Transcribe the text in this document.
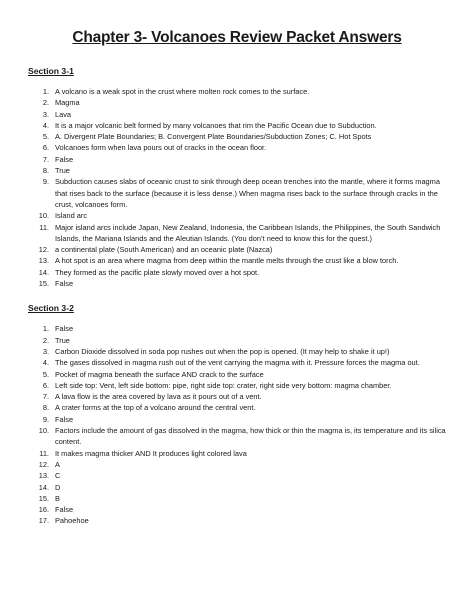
Chapter 3- Volcanoes Review Packet Answers
Section 3-1
1. A volcano is a weak spot in the crust where molten rock comes to the surface.
2. Magma
3. Lava
4. It is a major volcanic belt formed by many volcanoes that rim the Pacific Ocean due to Subduction.
5. A. Divergent Plate Boundaries; B. Convergent Plate Boundaries/Subduction Zones; C. Hot Spots
6. Volcanoes form when lava pours out of cracks in the ocean floor.
7. False
8. True
9. Subduction causes slabs of oceanic crust to sink through deep ocean trenches into the mantle, where it forms magma that rises back to the surface (because it is less dense.) When magma rises back to the surface through cracks in the crust, volcanoes form.
10. Island arc
11. Major island arcs include Japan, New Zealand, Indonesia, the Caribbean Islands, the Philippines, the South Sandwich Islands, the Mariana Islands and the Aleutian Islands. (You don’t need to know this for the quest.)
12. a continental plate (South American) and an oceanic plate (Nazca)
13. A hot spot is an area where magma from deep within the mantle melts through the crust like a blow torch.
14. They formed as the pacific plate slowly moved over a hot spot.
15. False
Section 3-2
1. False
2. True
3. Carbon Dioxide dissolved in soda pop rushes out when the pop is opened. (It may help to shake it up!)
4. The gases dissolved in magma rush out of the vent carrying the magma with it. Pressure forces the magma out.
5. Pocket of magma beneath the surface AND crack to the surface
6. Left side top: Vent, left side bottom: pipe, right side top: crater, right side very bottom: magma chamber.
7. A lava flow is the area covered by lava as it pours out of a vent.
8. A crater forms at the top of a volcano around the central vent.
9. False
10. Factors include the amount of gas dissolved in the magma, how thick or thin the magma is, its temperature and its silica content.
11. It makes magma thicker AND It produces light colored lava
12. A
13. C
14. D
15. B
16. False
17. Pahoehoe
